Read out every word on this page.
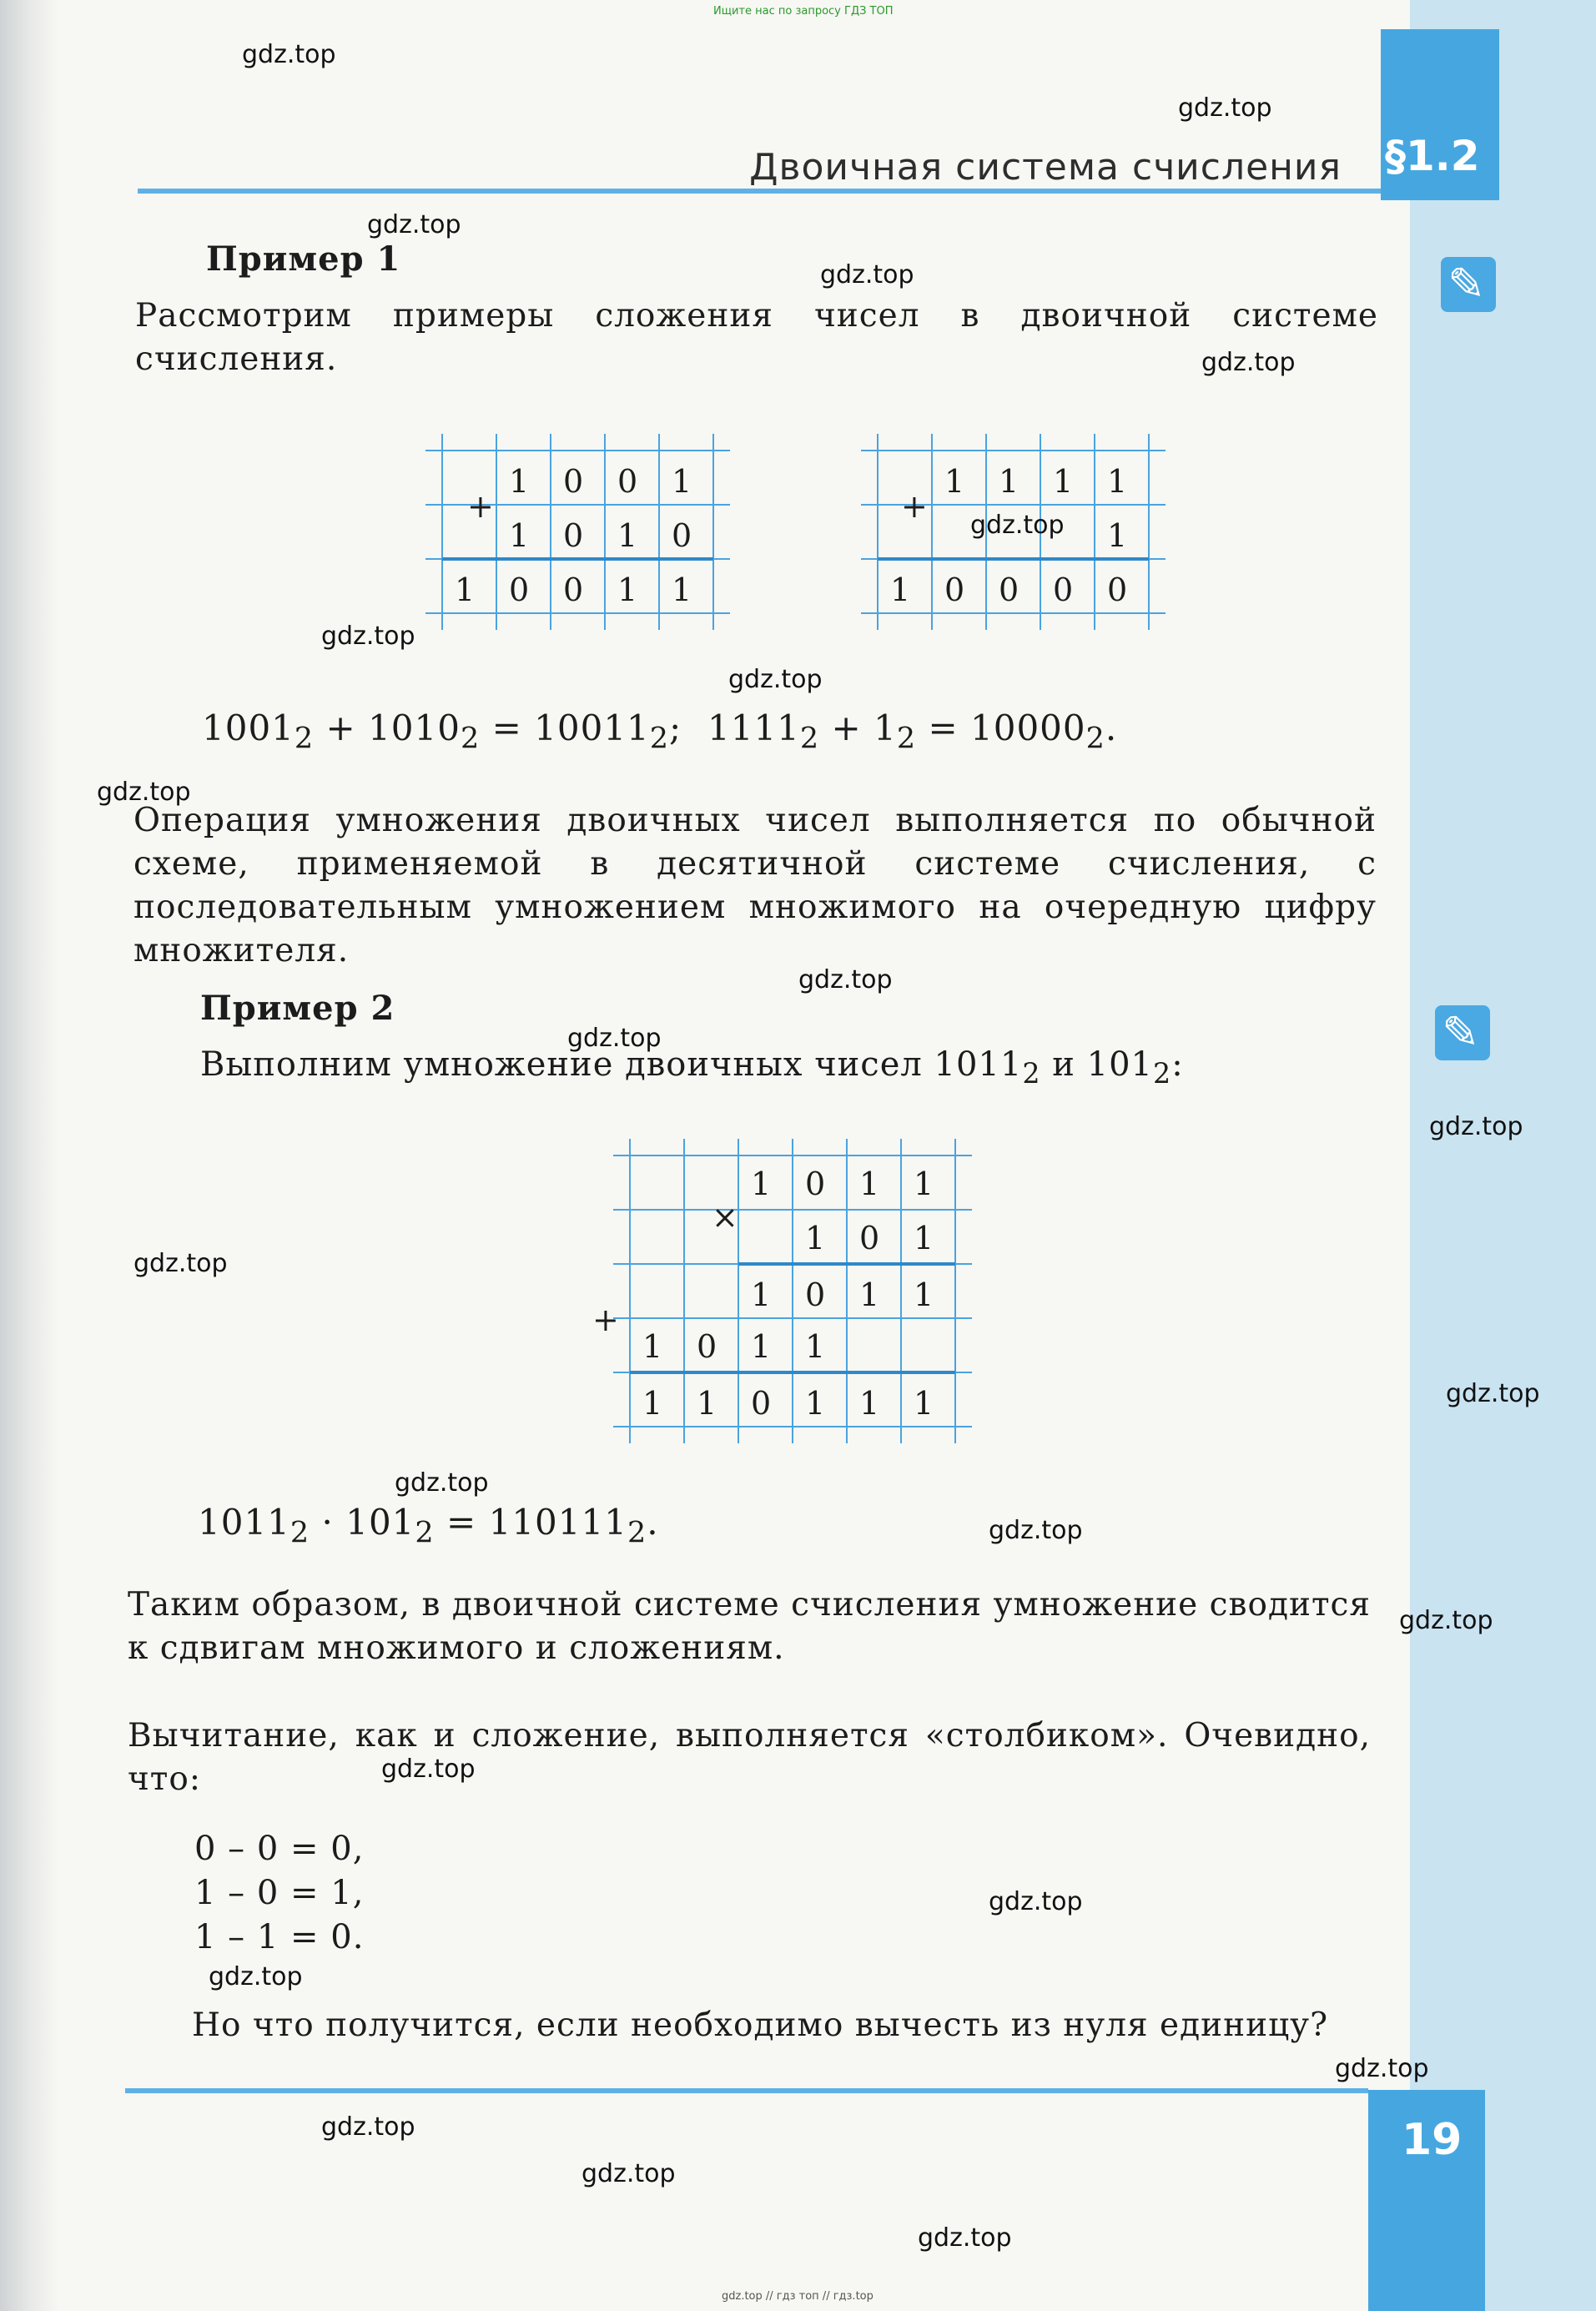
Ищите нас по запросу ГДЗ ТОП
§1.2
Двоичная система счисления
✎
✎
Пример 1
Рассмотрим примеры сложения чисел в двоичной системе счисления.
+
1 0 0 1
1 0 1 0
1 0 0 1 1
+
1 1 1 1
1
1 0 0 0 0
$1001_2 + 1010_2 = 10011_2$; $1111_2 + 1_2 = 10000_2$.
Операция умножения двоичных чисел выполняется по обычной схеме, применяемой в десятичной системе счисления, с последовательным умножением множимого на очередную цифру множителя.
Пример 2
Выполним умножение двоичных чисел $1011_2$ и $101_2$:
×
+
1 0 1 1
1 0 1
1 0 1 1
1 0 1 1
1 1 0 1 1 1
$1011_2 \cdot 101_2 = 110111_2$.
Таким образом, в двоичной системе счисления умножение сводится к сдвигам множимого и сложениям.
Вычитание, как и сложение, выполняется «столбиком». Очевидно, что:
0 – 0 = 0,
1 – 0 = 1,
1 – 1 = 0.
Но что получится, если необходимо вычесть из нуля единицу?
19
gdz.top // гдз топ // гдз.top
gdz.top
gdz.top
gdz.top
gdz.top
gdz.top
gdz.top
gdz.top
gdz.top
gdz.top
gdz.top
gdz.top
gdz.top
gdz.top
gdz.top
gdz.top
gdz.top
gdz.top
gdz.top
gdz.top
gdz.top
gdz.top
gdz.top
gdz.top
gdz.top
